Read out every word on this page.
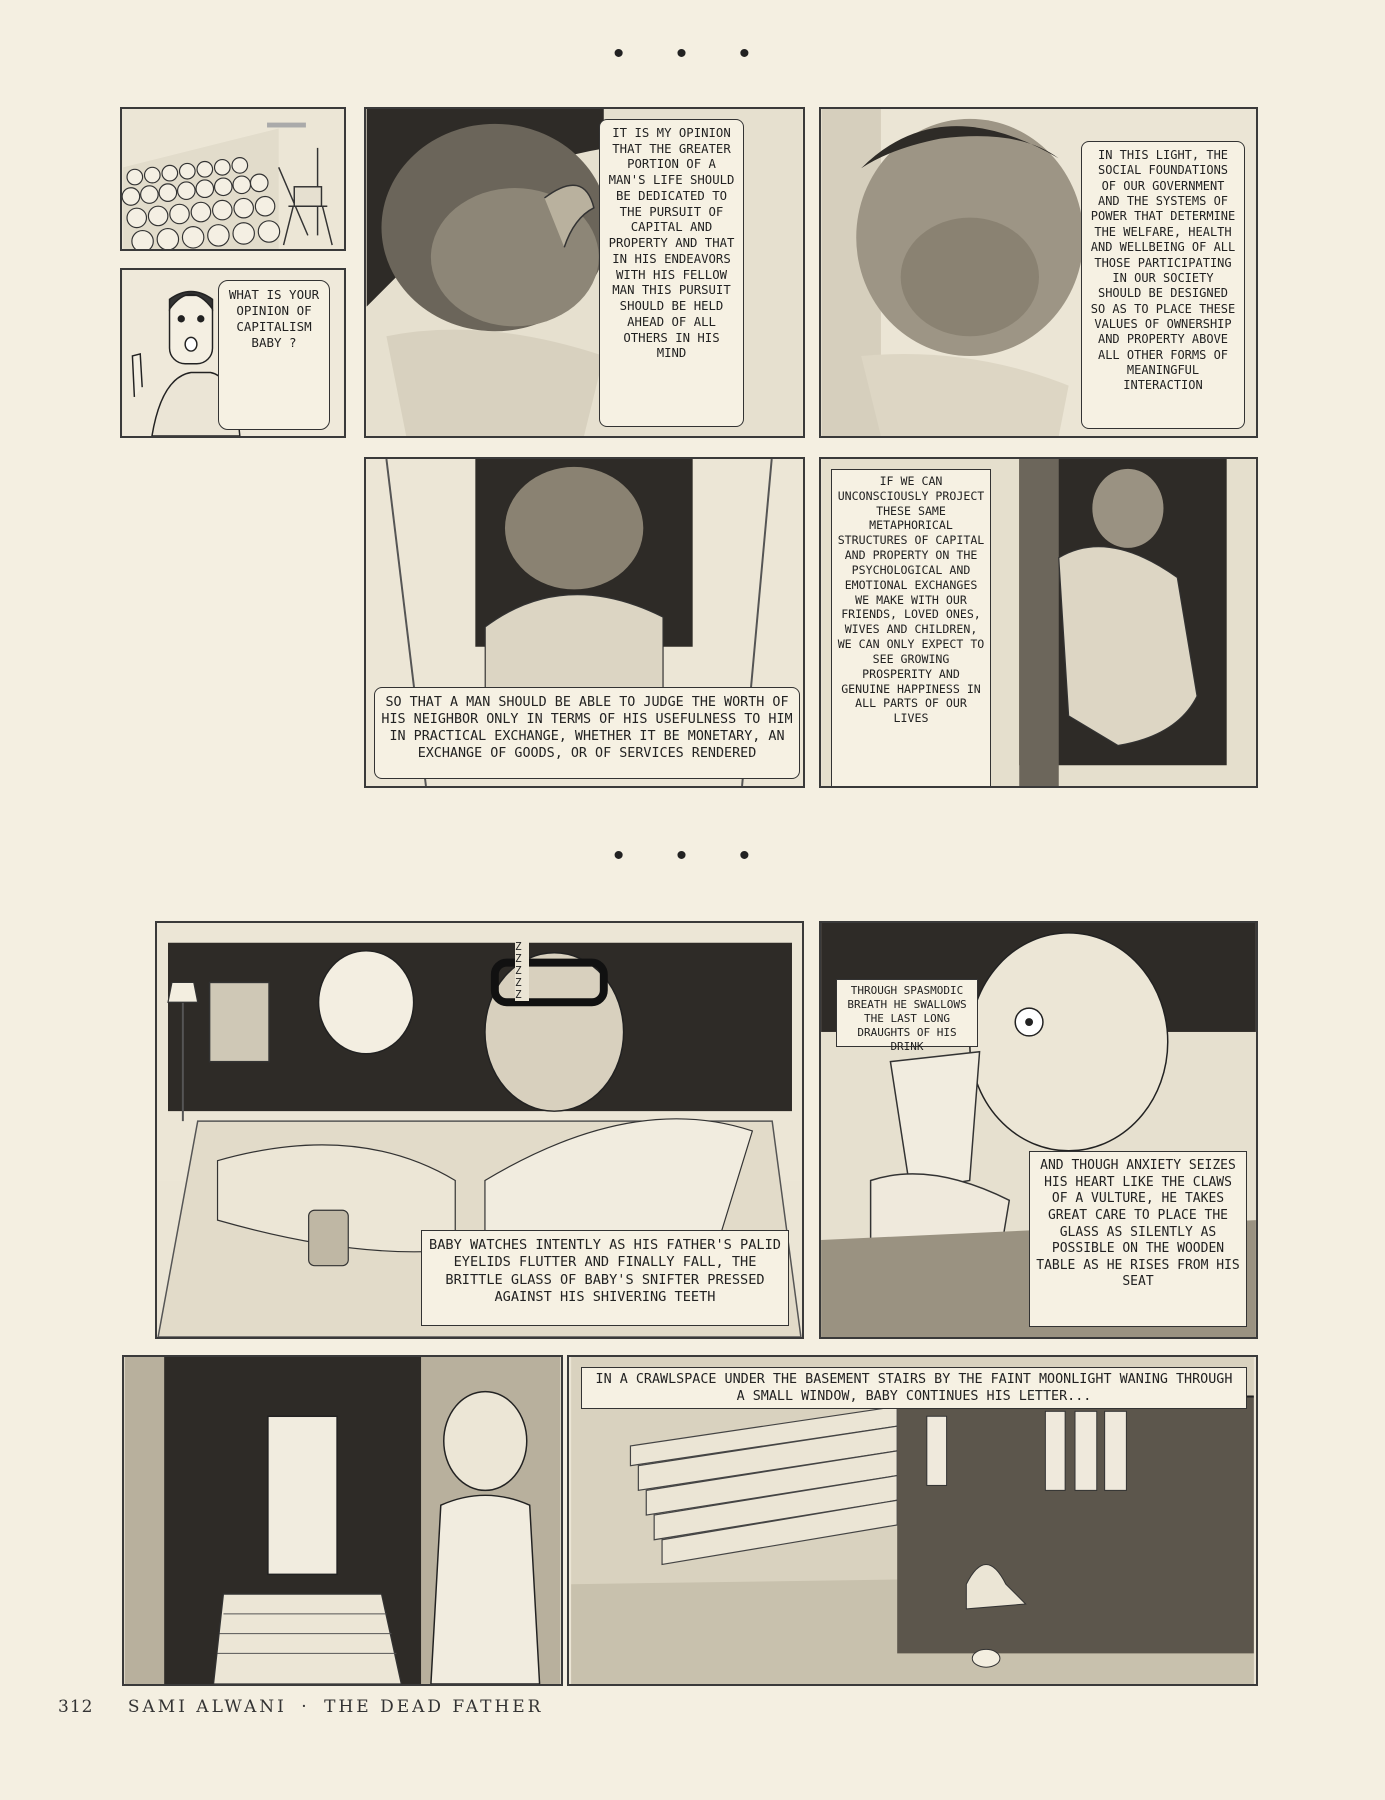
• • •
WHAT IS YOUR OPINION OF CAPITALISM BABY ?
IT IS MY OPINION THAT THE GREATER PORTION OF A MAN'S LIFE SHOULD BE DEDICATED TO THE PURSUIT OF CAPITAL AND PROPERTY AND THAT IN HIS ENDEAVORS WITH HIS FELLOW MAN THIS PURSUIT SHOULD BE HELD AHEAD OF ALL OTHERS IN HIS MIND
IN THIS LIGHT, THE SOCIAL FOUNDATIONS OF OUR GOVERNMENT AND THE SYSTEMS OF POWER THAT DETERMINE THE WELFARE, HEALTH AND WELLBEING OF ALL THOSE PARTICIPATING IN OUR SOCIETY SHOULD BE DESIGNED SO AS TO PLACE THESE VALUES OF OWNERSHIP AND PROPERTY ABOVE ALL OTHER FORMS OF MEANINGFUL INTERACTION
SO THAT A MAN SHOULD BE ABLE TO JUDGE THE WORTH OF HIS NEIGHBOR ONLY IN TERMS OF HIS USEFULNESS TO HIM IN PRACTICAL EXCHANGE, WHETHER IT BE MONETARY, AN EXCHANGE OF GOODS, OR OF SERVICES RENDERED
IF WE CAN UNCONSCIOUSLY PROJECT THESE SAME METAPHORICAL STRUCTURES OF CAPITAL AND PROPERTY ON THE PSYCHOLOGICAL AND EMOTIONAL EXCHANGES WE MAKE WITH OUR FRIENDS, LOVED ONES, WIVES AND CHILDREN, WE CAN ONLY EXPECT TO SEE GROWING PROSPERITY AND GENUINE HAPPINESS IN ALL PARTS OF OUR LIVES
• • •
Z Z Z Z Z
BABY WATCHES INTENTLY AS HIS FATHER'S PALID EYELIDS FLUTTER AND FINALLY FALL, THE BRITTLE GLASS OF BABY'S SNIFTER PRESSED AGAINST HIS SHIVERING TEETH
THROUGH SPASMODIC BREATH HE SWALLOWS THE LAST LONG DRAUGHTS OF HIS DRINK
AND THOUGH ANXIETY SEIZES HIS HEART LIKE THE CLAWS OF A VULTURE, HE TAKES GREAT CARE TO PLACE THE GLASS AS SILENTLY AS POSSIBLE ON THE WOODEN TABLE AS HE RISES FROM HIS SEAT
IN A CRAWLSPACE UNDER THE BASEMENT STAIRS BY THE FAINT MOONLIGHT WANING THROUGH A SMALL WINDOW, BABY CONTINUES HIS LETTER...
312 SAMI ALWANI · THE DEAD FATHER
